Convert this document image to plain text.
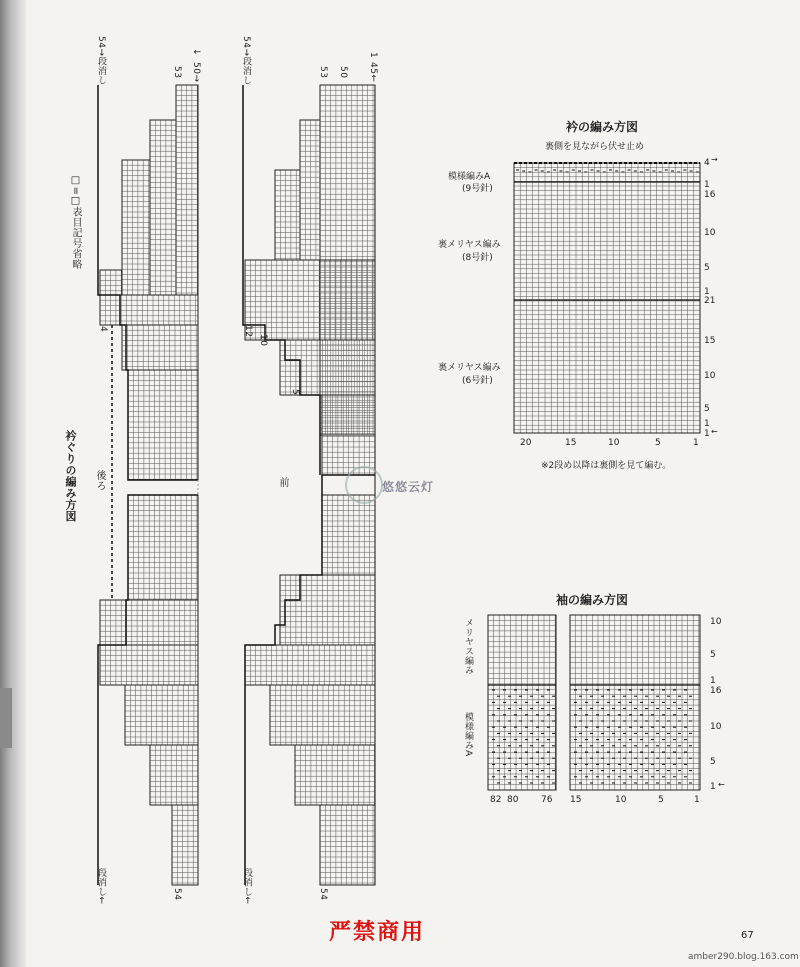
衿ぐりの編み方図
□=□表目記号省略
後ろ	前
54→段消し	54→段消し
段消し←	段消し←
53
↓
50→	53 50
1
45←
4	12
10
5
54	54
严禁商用
悠悠云灯
衿の編み方図
裏側を見ながら伏せ止め
模様編みA
(9号針)
裏メリヤス編み
(8号針)
裏メリヤス編み
(6号針)
4
1
16
10
5
1
21
15
10
5
1
1
→
←
20	15	10	5	1
※2段め以降は裏側を見て編む。
袖の編み方図
メリヤス編み
模様編みA
10
5
1
16
10
5
1 ←
82 80	76 15	10	5	1
67
amber290.blog.163.com
